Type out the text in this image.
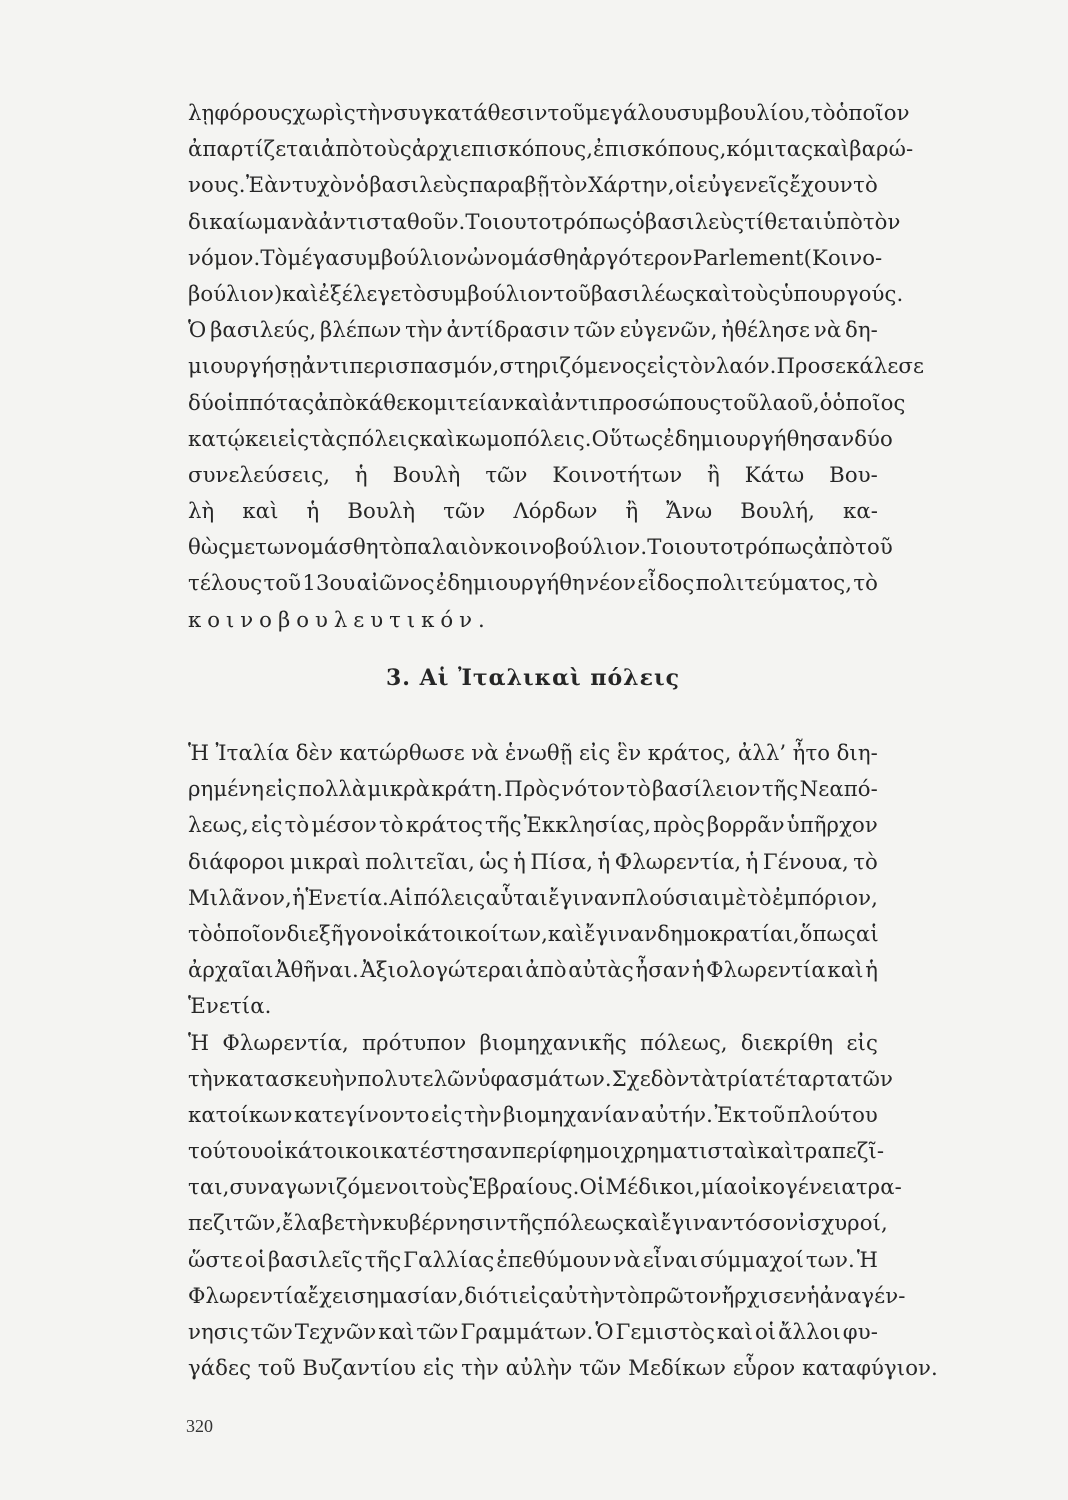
λῃ φόρους χωρὶς τὴν συγκατάθεσιν τοῦ μεγάλου συμβουλίου, τὸ ὁποῖον
ἀπαρτίζεται ἀπὸ τοὺς ἀρχιεπισκόπους, ἐπισκόπους, κόμιτας καὶ βαρώ-
νους. Ἐὰν τυχὸν ὁ βασιλεὺς παραβῇ τὸν Χάρτην, οἱ εὐγενεῖς ἔχουν τὸ
δικαίωμα νὰ ἀντισταθοῦν. Τοιουτοτρόπως ὁ βασιλεὺς τίθεται ὑπὸ τὸν
νόμον. Τὸ μέγα συμβούλιον ὠνομάσθη ἀργότερον Parlement (Κοινο-
βούλιον ) καὶ ἐξέλεγε τὸ συμβούλιον τοῦ βασιλέως καὶ τοὺς ὑπουργούς.
Ὁ βασιλεύς, βλέπων τὴν ἀντίδρασιν τῶν εὐγενῶν, ἠθέλησε νὰ δη-
μιουργήσῃ ἀντιπερισπασμόν, στηριζόμενος εἰς τὸν λαόν. Προσεκάλεσε
δύο ἱππότας ἀπὸ κάθε κομιτείαν καὶ ἀντιπροσώπους τοῦ λαοῦ, ὁ ὁποῖος
κατῴκει εἰς τὰς πόλεις καὶ κωμοπόλεις. Οὕτως ἐδημιουργήθησαν δύο
συνελεύσεις, ἡ Βουλὴ τῶν Κοινοτήτων ἢ Κάτω Βου-
λὴ καὶ ἡ Βουλὴ τῶν Λόρδων ἢ Ἄνω Βουλή, κα-
θὼς μετωνομάσθη τὸ παλαιὸν κοινοβούλιον. Τοιουτοτρόπως ἀπὸ τοῦ
τέλους τοῦ 13ου αἰῶνος ἐδημιουργήθη νέον εἶδος πολιτεύματος, τὸ
κοινοβουλευτικόν.
3. Αἱ Ἰταλικαὶ πόλεις
Ἡ Ἰταλία δὲν κατώρθωσε νὰ ἑνωθῇ εἰς ἓν κράτος, ἀλλ’ ἦτο διη-
ρημένη εἰς πολλὰ μικρὰ κράτη. Πρὸς νότον τὸ βασίλειον τῆς Νεαπό-
λεως, εἰς τὸ μέσον τὸ κράτος τῆς Ἐκκλησίας, πρὸς βορρᾶν ὑπῆρχον
διάφοροι μικραὶ πολιτεῖαι, ὡς ἡ Πίσα, ἡ Φλωρεντία, ἡ Γένουα, τὸ
Μιλᾶνον, ἡ Ἑνετία. Αἱ πόλεις αὗται ἔγιναν πλούσιαι μὲ τὸ ἐμπόριον,
τὸ ὁποῖον διεξῆγον οἱ κάτοικοί των, καὶ ἔγιναν δημοκρατίαι, ὅπως αἱ
ἀρχαῖαι Ἀθῆναι. Ἀξιολογώτεραι ἀπὸ αὐτὰς ἦσαν ἡ Φλωρεντία καὶ ἡ
Ἑνετία.
Ἡ Φλωρεντία, πρότυπον βιομηχανικῆς πόλεως, διεκρίθη εἰς
τὴν κατασκευὴν πολυτελῶν ὑφασμάτων. Σχεδὸν τὰ τρία τέταρτα τῶν
κατοίκων κατεγίνοντο εἰς τὴν βιομηχανίαν αὐτήν. Ἐκ τοῦ πλούτου
τούτου οἱ κάτοικοι κατέστησαν περίφημοι χρηματισταὶ καὶ τραπεζῖ-
ται, συναγωνιζόμενοι τοὺς Ἑβραίους. Οἱ Μέδικοι, μία οἰκογένεια τρα-
πεζιτῶν, ἔλαβε τὴν κυβέρνησιν τῆς πόλεως καὶ ἔγιναν τόσον ἰσχυροί,
ὥστε οἱ βασιλεῖς τῆς Γαλλίας ἐπεθύμουν νὰ εἶναι σύμμαχοί των. Ἡ
Φλωρεντία ἔχει σημασίαν, διότι εἰς αὐτὴν τὸ πρῶτον ἤρχισεν ἡ ἀναγέν-
νησις τῶν Τεχνῶν καὶ τῶν Γραμμάτων. Ὁ Γεμιστὸς καὶ οἱ ἄλλοι φυ-
γάδες τοῦ Βυζαντίου εἰς τὴν αὐλὴν τῶν Μεδίκων εὗρον καταφύγιον.
320
